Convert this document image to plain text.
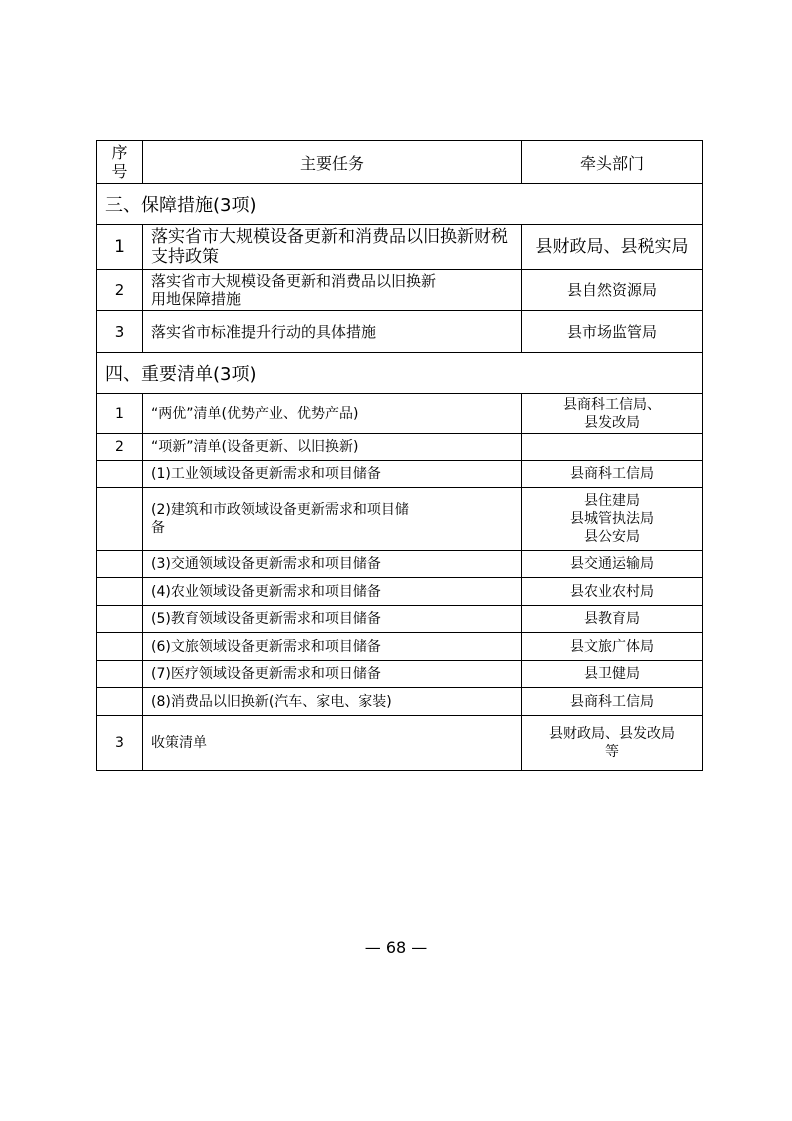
序
号	主要任务	牵头部门
三、保障措施(3项)		
1	落实省市大规模设备更新和消费品以旧换新财税支持政策	县财政局、县税实局
2	落实省市大规模设备更新和消费品以旧换新
用地保障措施	县自然资源局
3	落实省市标准提升行动的具体措施	县市场监管局
四、重要清单(3项)		
1	“两优”清单(优势产业、优势产品)	县商科工信局、
县发改局
2	“项新”清单(设备更新、以旧换新)	
	(1)工业领域设备更新需求和项目储备	县商科工信局
	(2)建筑和市政领域设备更新需求和项目储
备	县住建局
县城管执法局
县公安局
	(3)交通领域设备更新需求和项目储备	县交通运输局
	(4)农业领域设备更新需求和项目储备	县农业农村局
	(5)教育领域设备更新需求和项目储备	县教育局
	(6)文旅领域设备更新需求和项目储备	县文旅广体局
	(7)医疗领域设备更新需求和项日储备	县卫健局
	(8)消费品以旧换新(汽车、家电、家装)	县商科工信局
3	收策清单	县财政局、县发改局
等
— 68 —
